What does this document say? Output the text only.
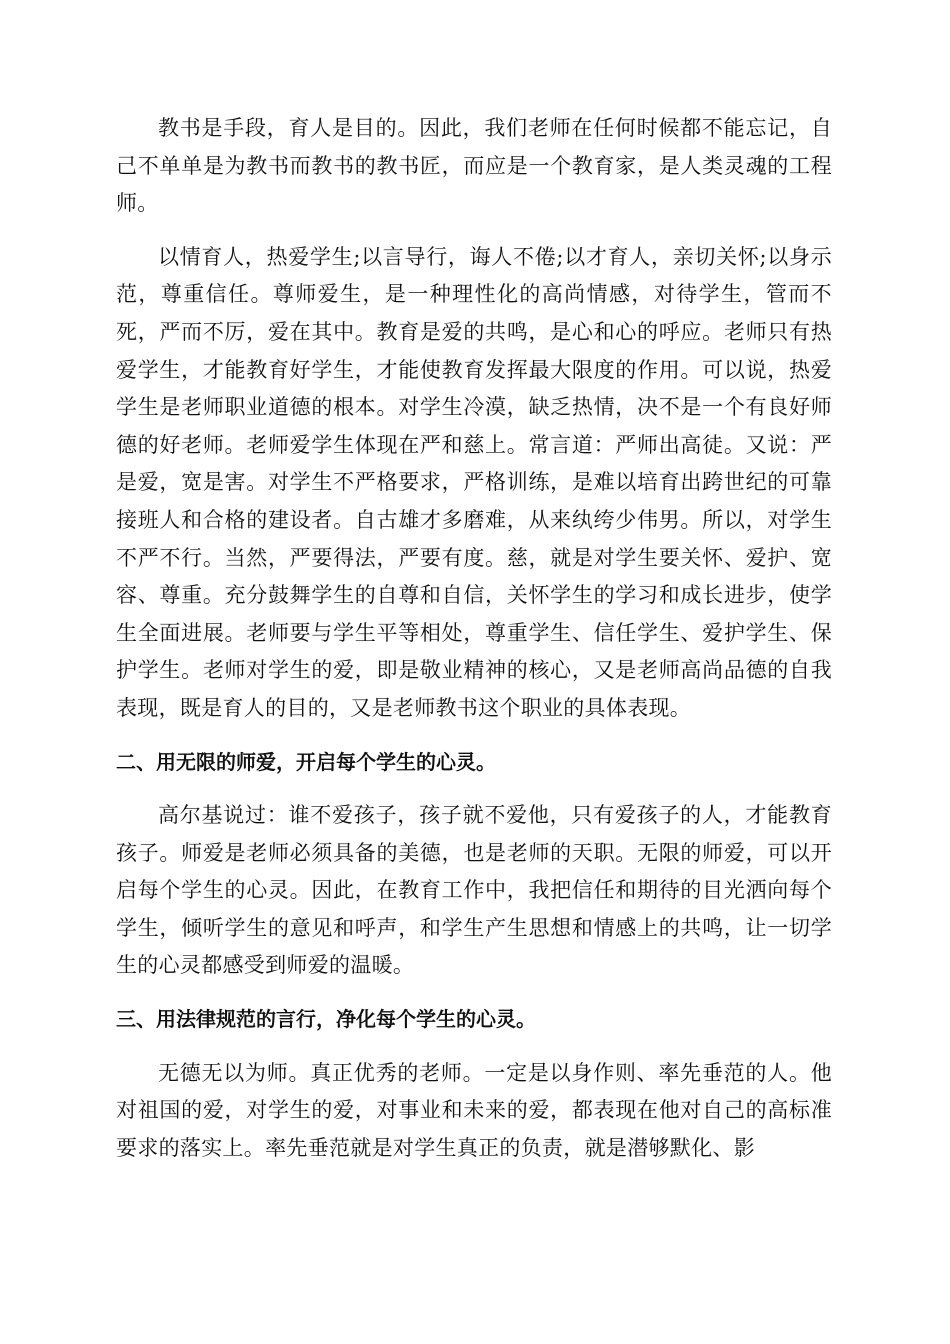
教书是手段，育人是目的。因此，我们老师在任何时候都不能忘记，自己不单单是为教书而教书的教书匠，而应是一个教育家，是人类灵魂的工程师。

以情育人，热爱学生;以言导行，诲人不倦;以才育人，亲切关怀;以身示范，尊重信任。尊师爱生，是一种理性化的高尚情感，对待学生，管而不死，严而不厉，爱在其中。教育是爱的共鸣，是心和心的呼应。老师只有热爱学生，才能教育好学生，才能使教育发挥最大限度的作用。可以说，热爱学生是老师职业道德的根本。对学生冷漠，缺乏热情，决不是一个有良好师德的好老师。老师爱学生体现在严和慈上。常言道：严师出高徒。又说：严是爱，宽是害。对学生不严格要求，严格训练，是难以培育出跨世纪的可靠接班人和合格的建设者。自古雄才多磨难，从来纨绔少伟男。所以，对学生不严不行。当然，严要得法，严要有度。慈，就是对学生要关怀、爱护、宽容、尊重。充分鼓舞学生的自尊和自信，关怀学生的学习和成长进步，使学生全面进展。老师要与学生平等相处，尊重学生、信任学生、爱护学生、保护学生。老师对学生的爱，即是敬业精神的核心，又是老师高尚品德的自我表现，既是育人的目的，又是老师教书这个职业的具体表现。

二、用无限的师爱，开启每个学生的心灵。

高尔基说过：谁不爱孩子，孩子就不爱他，只有爱孩子的人，才能教育孩子。师爱是老师必须具备的美德，也是老师的天职。无限的师爱，可以开启每个学生的心灵。因此，在教育工作中，我把信任和期待的目光洒向每个学生，倾听学生的意见和呼声，和学生产生思想和情感上的共鸣，让一切学生的心灵都感受到师爱的温暖。

三、用法律规范的言行，净化每个学生的心灵。

无德无以为师。真正优秀的老师。一定是以身作则、率先垂范的人。他对祖国的爱，对学生的爱，对事业和未来的爱，都表现在他对自己的高标准要求的落实上。率先垂范就是对学生真正的负责，就是潜够默化、影
